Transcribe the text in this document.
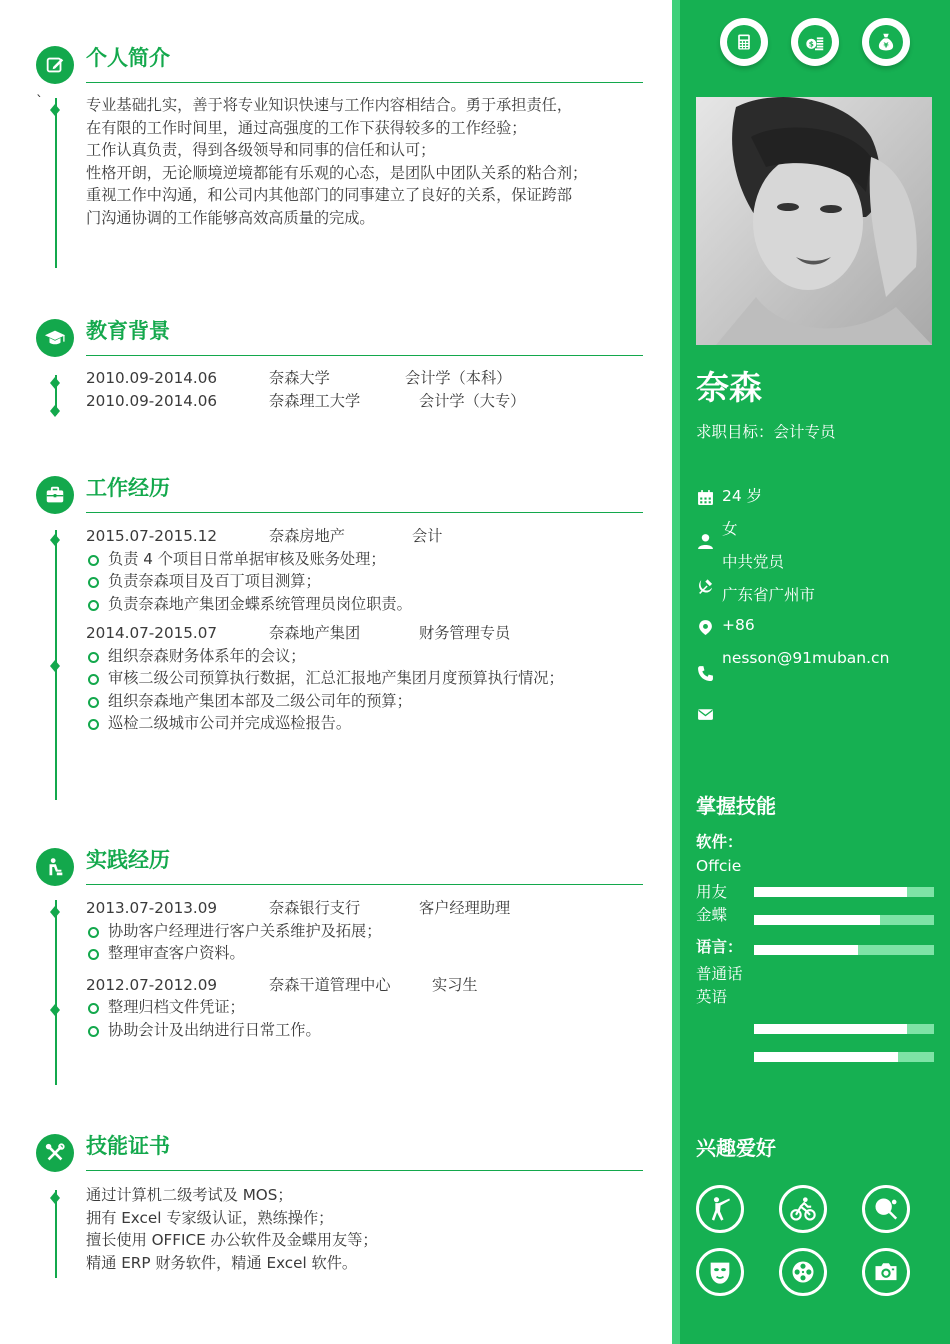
个人简介
`	专业基础扎实，善于将专业知识快速与工作内容相结合。勇于承担责任，
在有限的工作时间里，通过高强度的工作下获得较多的工作经验；
工作认真负责，得到各级领导和同事的信任和认可；
性格开朗，无论顺境逆境都能有乐观的心态，是团队中团队关系的粘合剂；
重视工作中沟通，和公司内其他部门的同事建立了良好的关系，保证跨部
门沟通协调的工作能够高效高质量的完成。
教育背景
2010.09-2014.06	奈森大学	会计学（本科）
2010.09-2014.06	奈森理工大学	会计学（大专）
工作经历
2015.07-2015.12	奈森房地产	会计
负责 4 个项目日常单据审核及账务处理；
负责奈森项目及百丁项目测算；
负责奈森地产集团金蝶系统管理员岗位职责。
2014.07-2015.07	奈森地产集团	财务管理专员
组织奈森财务体系年的会议；
审核二级公司预算执行数据，汇总汇报地产集团月度预算执行情况；
组织奈森地产集团本部及二级公司年的预算；
巡检二级城市公司并完成巡检报告。
实践经历
2013.07-2013.09	奈森银行支行	客户经理助理
协助客户经理进行客户关系维护及拓展；
整理审查客户资料。
2012.07-2012.09	奈森干道管理中心	实习生
整理归档文件凭证；
协助会计及出纳进行日常工作。
技能证书
通过计算机二级考试及 MOS；
拥有 Excel 专家级认证，熟练操作；
擅长使用 OFFICE 办公软件及金蝶用友等；
精通 ERP 财务软件，精通 Excel 软件。
$	¥
奈森
求职目标：会计专员
24 岁
女
中共党员
广东省广州市
+86
nesson@91muban.cn
掌握技能
软件：
Offcie
用友
金蝶
语言：
普通话
英语
兴趣爱好
